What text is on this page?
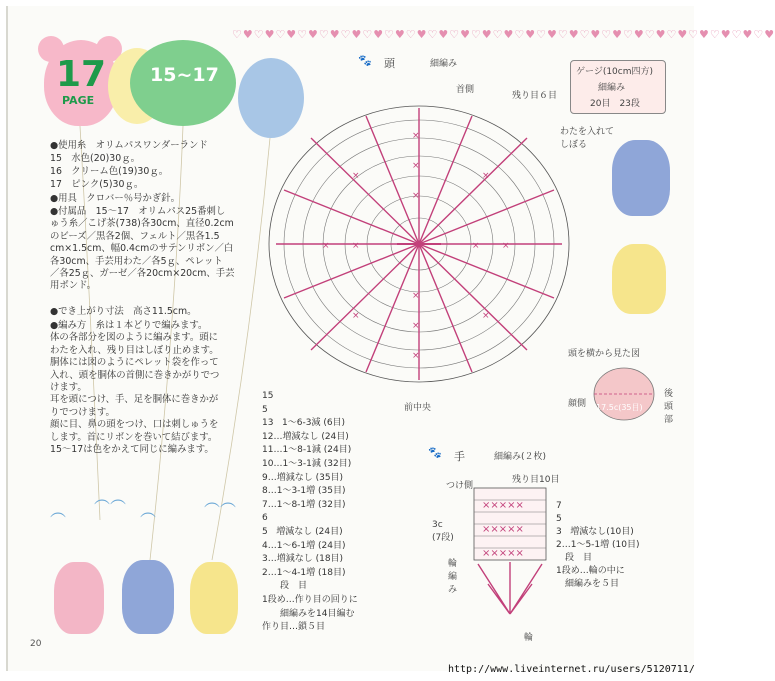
♡♥♡♥♡♥♡♥♡♥♡♥♡♥♡♥♡♥♡♥♡♥♡♥♡♥♡♥♡♥♡♥♡♥♡♥♡♥♡♥♡♥♡♥♡♥♡♥♡♥
17
PAGE
15~17
●使用糸　オリムパスワンダーランド
15　水色(20)30ｇ。
16　クリーム色(19)30ｇ。
17　ピンク(5)30ｇ。
●用具　クロバー％号かぎ針。
●付属品　15～17　オリムパス25番刺し
ゅう糸／こげ茶(738)各30cm、直径0.2cm
のビーズ／黒各2個、フェルト／黒各1.5
cm×1.5cm、幅0.4cmのサテンリボン／白
各30cm、手芸用わた／各5ｇ、ペレット
／各25ｇ、ガーゼ／各20cm×20cm、手芸
用ボンド。
●でき上がり寸法　高さ11.5cm。
●編み方　糸は１本どりで編みます。
体の各部分を図のように編みます。頭に
わたを入れ、残り目はしぼり止めます。
胴体には図のようにペレット袋を作って
入れ、頭を胴体の首側に巻きかがりでつ
けます。
耳を頭につけ、手、足を胴体に巻きかが
りでつけます。
顔に目、鼻の頭をつけ、口は刺しゅうを
します。首にリボンを巻いて結びます。
15～17は色をかえて同じに編みます。
︵︵
︵	︵
︵︵
🐾 頭	細編み
首側
残り目６目
前中央
わたを入れて
しぼる
×
×
×
×
×
×
× ×	× ×
×	×
×	×
ゲージ(10cm四方)
細編み
20目　23段
頭を横から見た図
顔側 17.5c(35目)
後
頭
部
15
5
13   1～6-3減 (6目)
12…増減なし (24目)
11…1～8-1減 (24目)
10…1～3-1減 (32目)
9…増減なし (35目)
8…1～3-1増 (35目)
7…1～8-1増 (32目)
6
5   増減なし (24目)
4…1～6-1増 (24目)
3…増減なし (18目)
2…1～4-1増 (18目)
　　段　目
1段め…作り目の回りに
　　細編みを14目編む
作り目…鎖５目
🐾 手	細編み(２枚)
残り目10目
つけ側
3c
(7段)
輪
編
み
輪
×××××
×××××
×××××
7
5
3   増減なし(10目)
2…1～5-1増 (10目)
　段　目
1段め…輪の中に
　細編みを５目
20
http://www.liveinternet.ru/users/5120711/
